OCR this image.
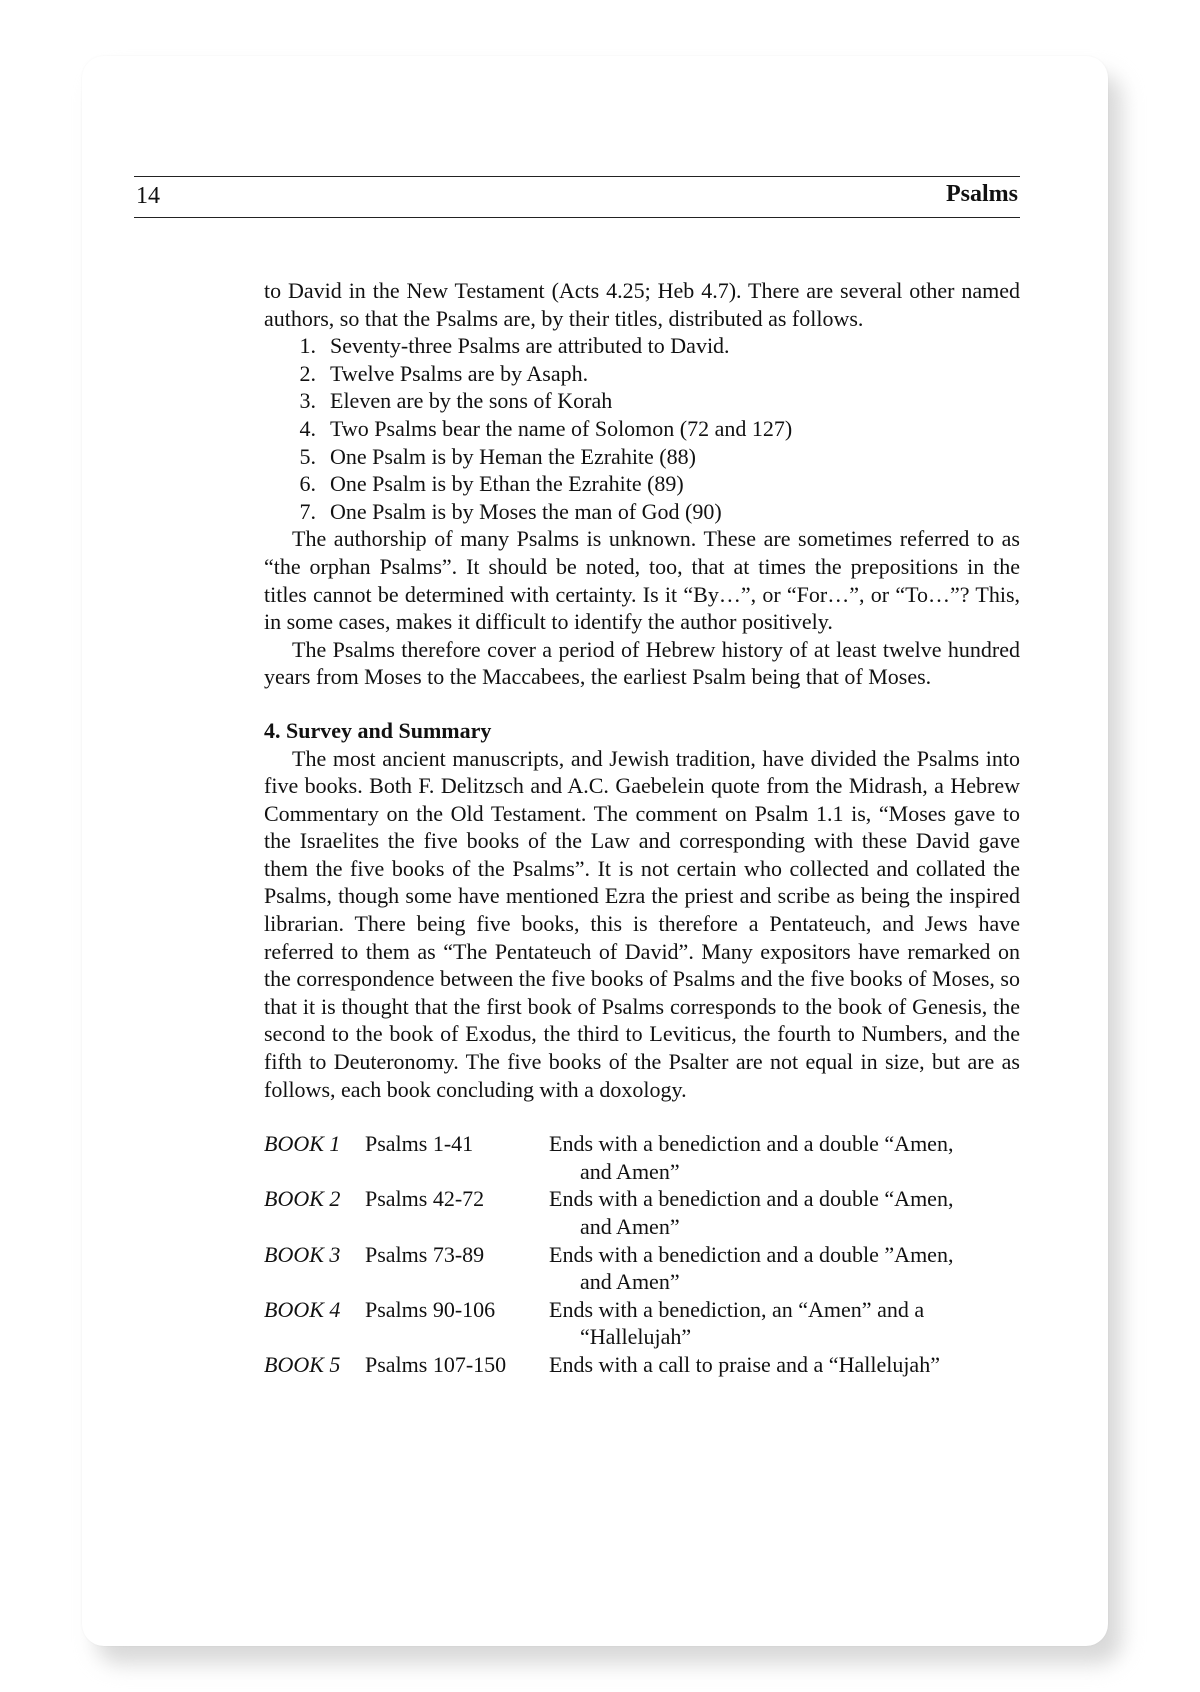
14	Psalms

to David in the New Testament (Acts 4.25; Heb 4.7). There are several other named authors, so that the Psalms are, by their titles, distributed as follows.

1. Seventy-three Psalms are attributed to David.
2. Twelve Psalms are by Asaph.
3. Eleven are by the sons of Korah
4. Two Psalms bear the name of Solomon (72 and 127)
5. One Psalm is by Heman the Ezrahite (88)
6. One Psalm is by Ethan the Ezrahite (89)
7. One Psalm is by Moses the man of God (90)

The authorship of many Psalms is unknown. These are sometimes referred to as “the orphan Psalms”. It should be noted, too, that at times the prepositions in the titles cannot be determined with certainty. Is it “By…”, or “For…”, or “To…”? This, in some cases, makes it difficult to identify the author positively.

The Psalms therefore cover a period of Hebrew history of at least twelve hundred years from Moses to the Maccabees, the earliest Psalm being that of Moses.

4. Survey and Summary

The most ancient manuscripts, and Jewish tradition, have divided the Psalms into five books. Both F. Delitzsch and A.C. Gaebelein quote from the Midrash, a Hebrew Commentary on the Old Testament. The comment on Psalm 1.1 is, “Moses gave to the Israelites the five books of the Law and corresponding with these David gave them the five books of the Psalms”. It is not certain who collected and collated the Psalms, though some have mentioned Ezra the priest and scribe as being the inspired librarian. There being five books, this is therefore a Pentateuch, and Jews have referred to them as “The Pentateuch of David”. Many expositors have remarked on the correspondence between the five books of Psalms and the five books of Moses, so that it is thought that the first book of Psalms corresponds to the book of Genesis, the second to the book of Exodus, the third to Leviticus, the fourth to Numbers, and the fifth to Deuteronomy. The five books of the Psalter are not equal in size, but are as follows, each book concluding with a doxology.

BOOK 1 Psalms 1-41	Ends with a benediction and a double “Amen,
and Amen”
BOOK 2 Psalms 42-72	Ends with a benediction and a double “Amen,
and Amen”
BOOK 3 Psalms 73-89	Ends with a benediction and a double ”Amen,
and Amen”
BOOK 4 Psalms 90-106 Ends with a benediction, an “Amen” and a
“Hallelujah”
BOOK 5 Psalms 107-150 Ends with a call to praise and a “Hallelujah”
